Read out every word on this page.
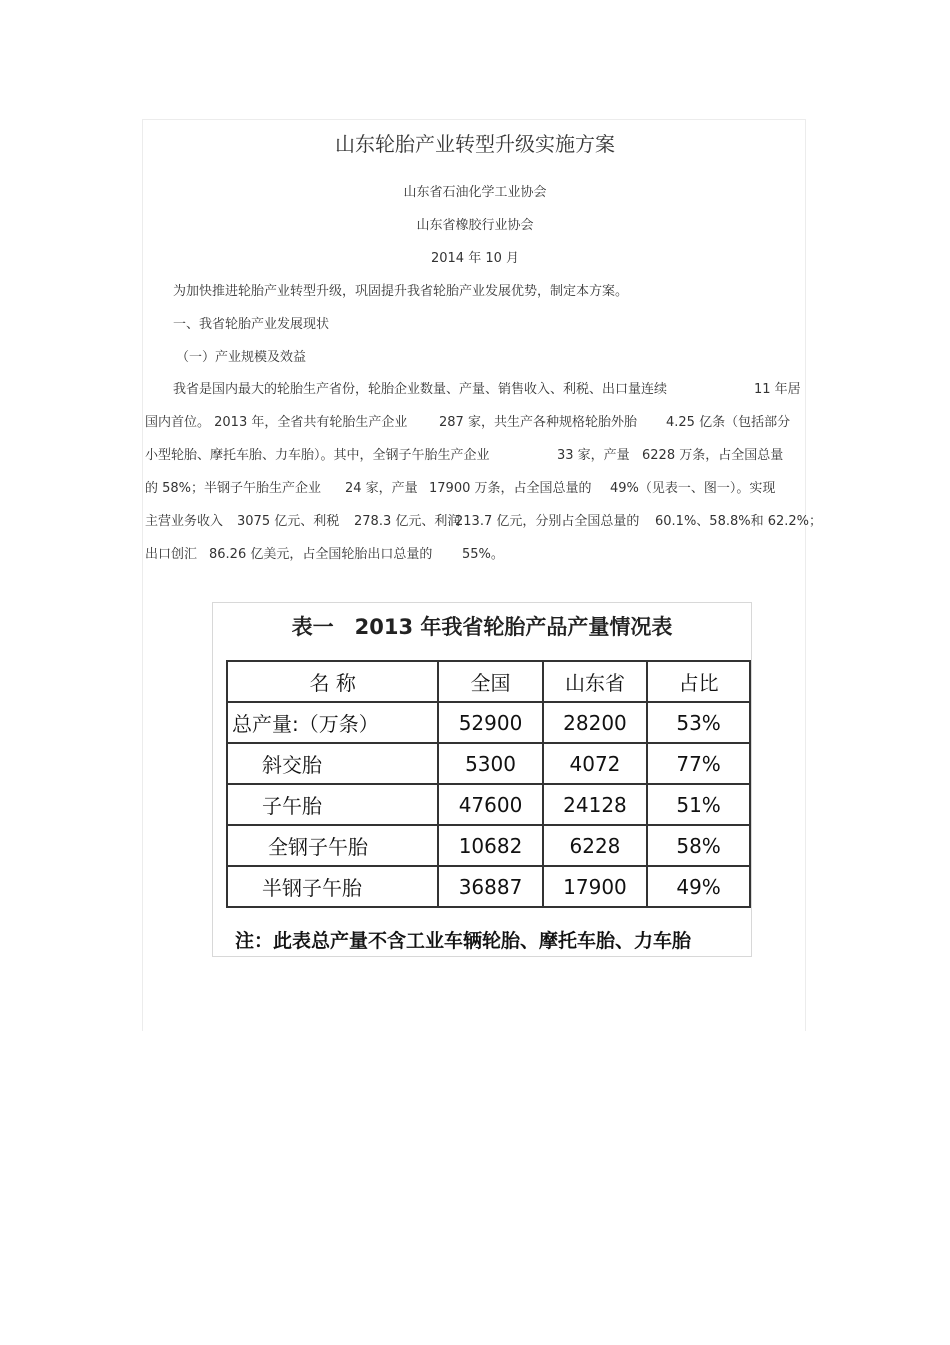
山东轮胎产业转型升级实施方案
山东省石油化学工业协会
山东省橡胶行业协会
2014 年 10 月
为加快推进轮胎产业转型升级，巩固提升我省轮胎产业发展优势，制定本方案。
一、我省轮胎产业发展现状
（一）产业规模及效益
我省是国内最大的轮胎生产省份，轮胎企业数量、产量、销售收入、利税、出口量连续	11 年居
国内首位。 2013 年，全省共有轮胎生产企业 287 家，共生产各种规格轮胎外胎 4.25 亿条（包括部分
小型轮胎、摩托车胎、力车胎）。其中，全钢子午胎生产企业	33 家，产量 6228 万条，占全国总量
的 58%；半钢子午胎生产企业 24 家，产量 17900 万条，占全国总量的 49%（见表一、图一）。实现
主营业务收入 3075 亿元、利税 278.3 亿元、利润
213.7 亿元，分别占全国总量的 60.1%、58.8%和 62.2%；
出口创汇 86.26 亿美元，占全国轮胎出口总量的 55%。
表一　2013 年我省轮胎产品产量情况表
名 称	全国	山东省	占比
总产量:（万条）	52900	28200	53%
斜交胎	5300	4072	77%
子午胎	47600	24128	51%
全钢子午胎	10682	6228	58%
半钢子午胎	36887	17900	49%
注：此表总产量不含工业车辆轮胎、摩托车胎、力车胎
